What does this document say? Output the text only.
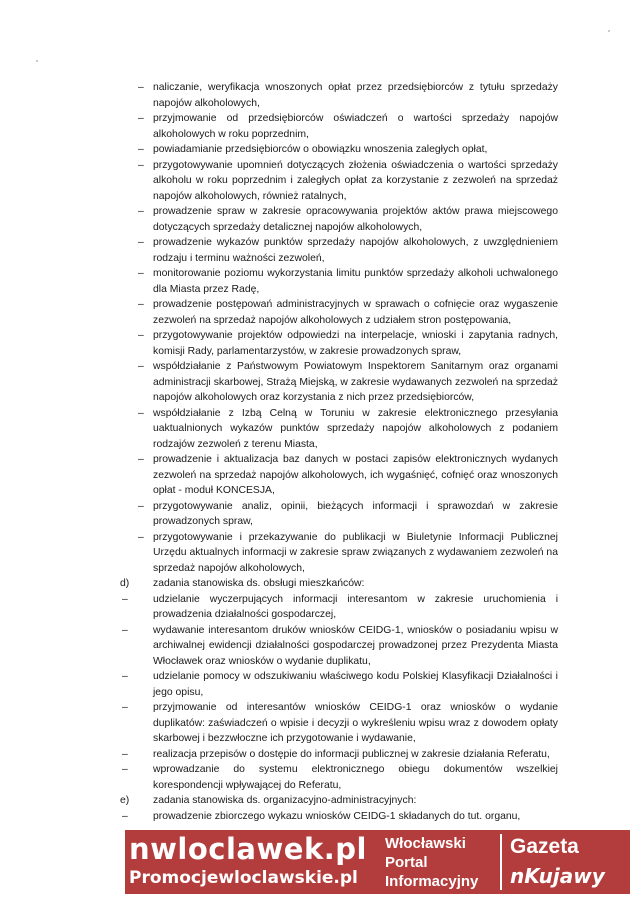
– naliczanie, weryfikacja wnoszonych opłat przez przedsiębiorców z tytułu sprzedaży napojów alkoholowych,
– przyjmowanie od przedsiębiorców oświadczeń o wartości sprzedaży napojów alkoholowych w roku poprzednim,
– powiadamianie przedsiębiorców o obowiązku wnoszenia zaległych opłat,
– przygotowywanie upomnień dotyczących złożenia oświadczenia o wartości sprzedaży alkoholu w roku poprzednim i zaległych opłat za korzystanie z zezwoleń na sprzedaż napojów alkoholowych, również ratalnych,
– prowadzenie spraw w zakresie opracowywania projektów aktów prawa miejscowego dotyczących sprzedaży detalicznej napojów alkoholowych,
– prowadzenie wykazów punktów sprzedaży napojów alkoholowych, z uwzględnieniem rodzaju i terminu ważności zezwoleń,
– monitorowanie poziomu wykorzystania limitu punktów sprzedaży alkoholi uchwalonego dla Miasta przez Radę,
– prowadzenie postępowań administracyjnych w sprawach o cofnięcie oraz wygaszenie zezwoleń na sprzedaż napojów alkoholowych z udziałem stron postępowania,
– przygotowywanie projektów odpowiedzi na interpelacje, wnioski i zapytania radnych, komisji Rady, parlamentarzystów, w zakresie prowadzonych spraw,
– współdziałanie z Państwowym Powiatowym Inspektorem Sanitarnym oraz organami administracji skarbowej, Strażą Miejską, w zakresie wydawanych zezwoleń na sprzedaż napojów alkoholowych oraz korzystania z nich przez przedsiębiorców,
– współdziałanie z Izbą Celną w Toruniu w zakresie elektronicznego przesyłania uaktualnionych wykazów punktów sprzedaży napojów alkoholowych z podaniem rodzajów zezwoleń z terenu Miasta,
– prowadzenie i aktualizacja baz danych w postaci zapisów elektronicznych wydanych zezwoleń na sprzedaż napojów alkoholowych, ich wygaśnięć, cofnięć oraz wnoszonych opłat - moduł KONCESJA,
– przygotowywanie analiz, opinii, bieżących informacji i sprawozdań w zakresie prowadzonych spraw,
– przygotowywanie i przekazywanie do publikacji w Biuletynie Informacji Publicznej Urzędu aktualnych informacji w zakresie spraw związanych z wydawaniem zezwoleń na sprzedaż napojów alkoholowych,
d) zadania stanowiska ds. obsługi mieszkańców:
– udzielanie wyczerpujących informacji interesantom w zakresie uruchomienia i prowadzenia działalności gospodarczej,
– wydawanie interesantom druków wniosków CEIDG-1, wniosków o posiadaniu wpisu w archiwalnej ewidencji działalności gospodarczej prowadzonej przez Prezydenta Miasta Włocławek oraz wniosków o wydanie duplikatu,
– udzielanie pomocy w odszukiwaniu właściwego kodu Polskiej Klasyfikacji Działalności i jego opisu,
– przyjmowanie od interesantów wniosków CEIDG-1 oraz wniosków o wydanie duplikatów: zaświadczeń o wpisie i decyzji o wykreśleniu wpisu wraz z dowodem opłaty skarbowej i bezzwłoczne ich przygotowanie i wydawanie,
– realizacja przepisów o dostępie do informacji publicznej w zakresie działania Referatu,
– wprowadzanie do systemu elektronicznego obiegu dokumentów wszelkiej korespondencji wpływającej do Referatu,
e) zadania stanowiska ds. organizacyjno-administracyjnych:
– prowadzenie zbiorczego wykazu wniosków CEIDG-1 składanych do tut. organu,
nwloclawek.pl
Promocjewloclawskie.pl
Włocławski
Portal
Informacyjny
Gazeta
nKujawy
